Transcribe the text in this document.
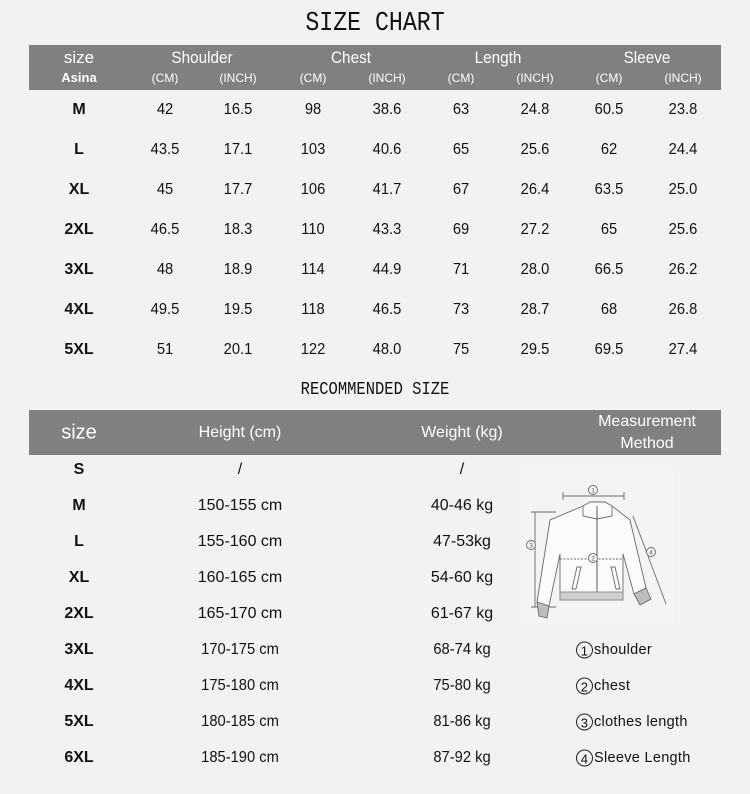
SIZE CHART
size
Asina
Shoulder	Chest	Length	Sleeve
(CM)	(INCH)	(CM)	(INCH)	(CM)	(INCH)	(CM)	(INCH)
M	42	16.5	98	38.6	63	24.8	60.5	23.8
L	43.5	17.1	103	40.6	65	25.6	62	24.4
XL	45	17.7	106	41.7	67	26.4	63.5	25.0
2XL	46.5	18.3	110	43.3	69	27.2	65	25.6
3XL	48	18.9	114	44.9	71	28.0	66.5	26.2
4XL	49.5	19.5	118	46.5	73	28.7	68	26.8
5XL	51	20.1	122	48.0	75	29.5	69.5	27.4
RECOMMENDED SIZE
size	Height (cm)	Weight (kg)
Measurement
Method
S	/	/
M	150-155 cm	40-46 kg
L	155-160 cm	47-53kg
XL	160-165 cm	54-60 kg
2XL	165-170 cm	61-67 kg
3XL	170-175 cm	68-74 kg
4XL	175-180 cm	75-80 kg
5XL	180-185 cm	81-86 kg
6XL	185-190 cm	87-92 kg
1
2
3
4
1 shoulder
2 chest
3 clothes length
4 Sleeve Length
